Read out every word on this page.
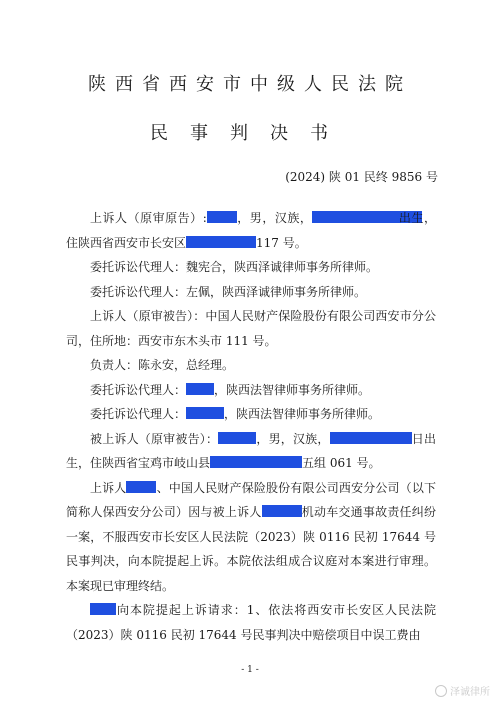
陕西省西安市中级人民法院
民事判决书
(2024) 陕 01 民终 9856 号

上诉人（原审原告）:	，男，汉族，	出生，住陕西省西安市长安区	117 号。

委托诉讼代理人：魏宪合，陕西泽诚律师事务所律师。

委托诉讼代理人：左佩，陕西泽诚律师事务所律师。

上诉人（原审被告）：中国人民财产保险股份有限公司西安市分公司，住所地：西安市东木头市 111 号。

负责人：陈永安，总经理。

委托诉讼代理人： ，陕西法智律师事务所律师。

委托诉讼代理人：	，陕西法智律师事务所律师。

被上诉人（原审被告）：	，男，汉族，	日出生，住陕西省宝鸡市岐山县	五组 061 号。

上诉人	、中国人民财产保险股份有限公司西安分公司（以下简称人保西安分公司）因与被上诉人	机动车交通事故责任纠纷一案，不服西安市长安区人民法院（2023）陕 0116 民初 17644 号民事判决，向本院提起上诉。本院依法组成合议庭对本案进行审理。本案现已审理终结。

向本院提起上诉请求：1、依法将西安市长安区人民法院（2023）陕 0116 民初 17644 号民事判决中赔偿项目中误工费由

- 1 -
泽诚律所
